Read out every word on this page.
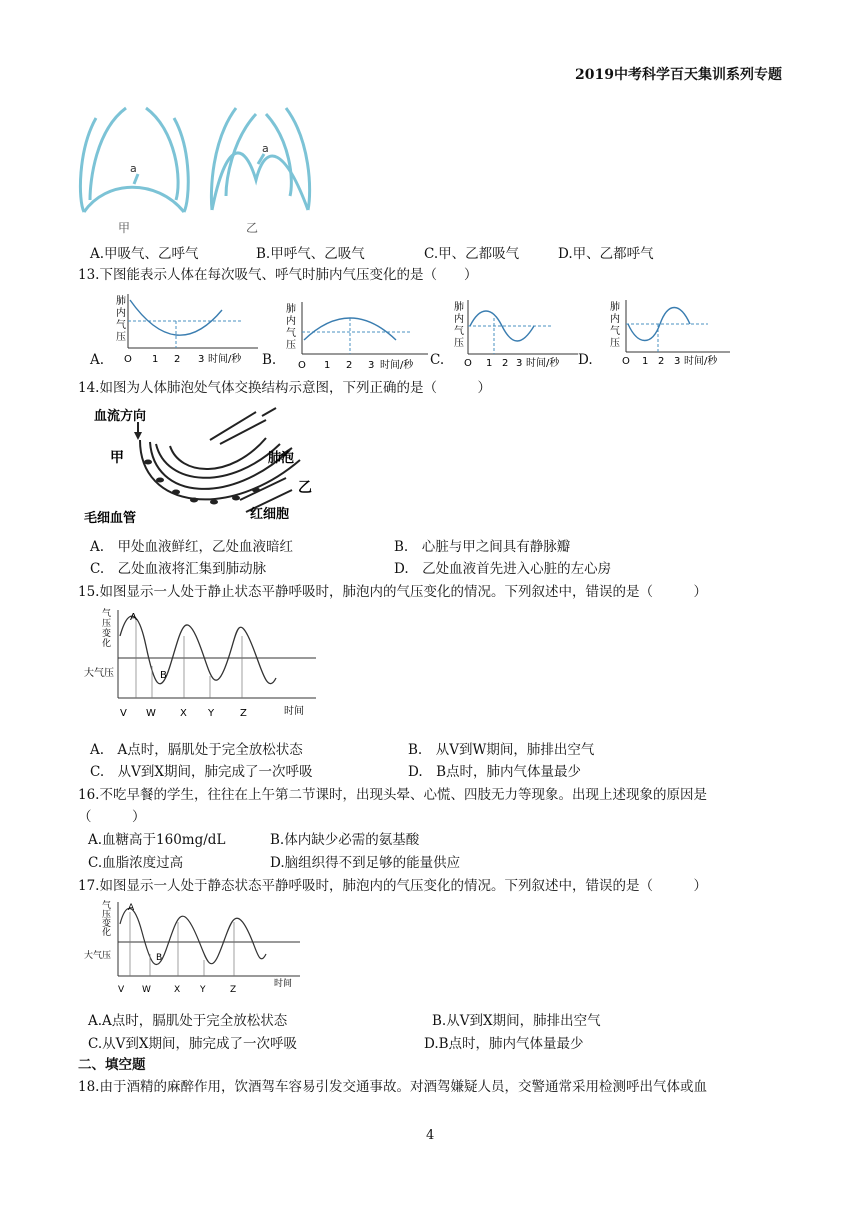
2019中考科学百天集训系列专题
a
a
甲	乙
A.甲吸气、乙呼气	B.甲呼气、乙吸气	C.甲、乙都吸气	D.甲、乙都呼气
13.下图能表示人体在每次吸气、呼气时肺内气压变化的是（　　）
A.	B.	C.	D.
肺
内
气
压
O 1 2 3 时间/秒
肺
内
气
压
O 1 2 3 时间/秒
肺
内
气
压
O 1 2 3 时间/秒
肺
内
气
压
O 1 2 3 时间/秒
14.如图为人体肺泡处气体交换结构示意图，下列正确的是（　　　）
血流方向
甲	肺泡
乙
毛细血管	红细胞
A.　甲处血液鲜红，乙处血液暗红	B.　心脏与甲之间具有静脉瓣
C.　乙处血液将汇集到肺动脉	D.　乙处血液首先进入心脏的左心房
15.如图显示一人处于静止状态平静呼吸时，肺泡内的气压变化的情况。下列叙述中，错误的是（　　　）
气
压
变
化
大气压
A
B
V W X Y	Z	时间
A.　A点时，膈肌处于完全放松状态	B.　从V到W期间，肺排出空气
C.　从V到X期间，肺完成了一次呼吸	D.　B点时，肺内气体量最少
16.不吃早餐的学生，往往在上午第二节课时，出现头晕、心慌、四肢无力等现象。出现上述现象的原因是
（　　　）
A.血糖高于160mg/dL	B.体内缺少必需的氨基酸
C.血脂浓度过高	D.脑组织得不到足够的能量供应
17.如图显示一人处于静态状态平静呼吸时，肺泡内的气压变化的情况。下列叙述中，错误的是（　　　）
气
压
变
化
大气压
A
B
V W	X Y	Z
时间
A.A点时，膈肌处于完全放松状态	B.从V到X期间，肺排出空气
C.从V到X期间，肺完成了一次呼吸	D.B点时，肺内气体量最少
二、填空题
18.由于酒精的麻醉作用，饮酒驾车容易引发交通事故。对酒驾嫌疑人员，交警通常采用检测呼出气体或血
4
